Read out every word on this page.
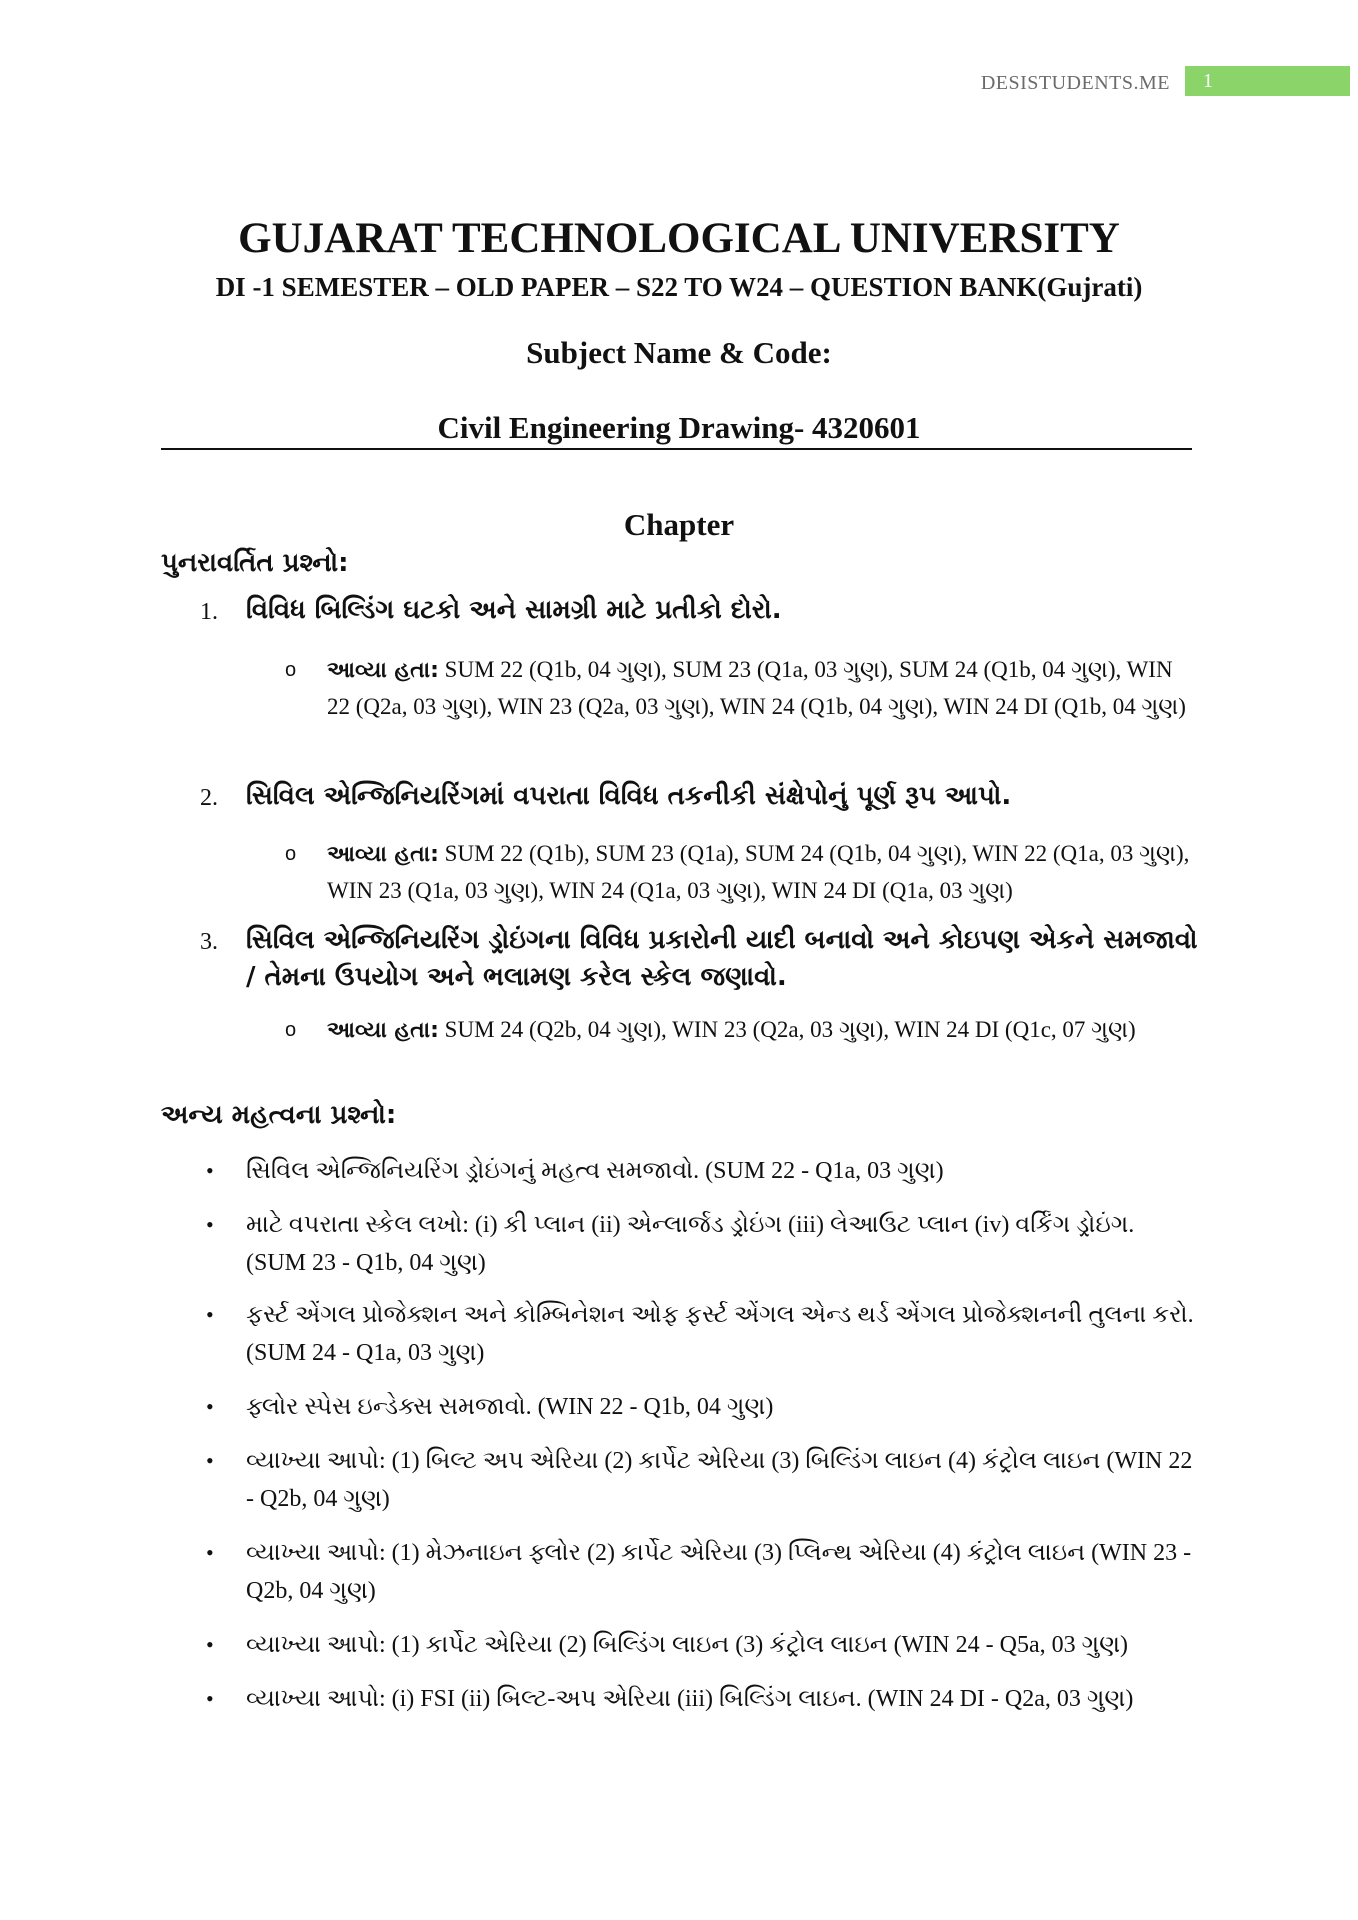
DESISTUDENTS.ME	1
GUJARAT TECHNOLOGICAL UNIVERSITY
DI -1 SEMESTER – OLD PAPER – S22 TO W24 – QUESTION BANK(Gujrati)
Subject Name & Code:
Civil Engineering Drawing- 4320601
Chapter
પુનરાવર્તિત પ્રશ્નો:
1. વિવિધ બિલ્ડિંગ ઘટકો અને સામગ્રી માટે પ્રતીકો દોરો.
o આવ્યા હતા: SUM 22 (Q1b, 04 ગુણ), SUM 23 (Q1a, 03 ગુણ), SUM 24 (Q1b, 04 ગુણ), WIN 22 (Q2a, 03 ગુણ), WIN 23 (Q2a, 03 ગુણ), WIN 24 (Q1b, 04 ગુણ), WIN 24 DI (Q1b, 04 ગુણ)
2. સિવિલ એન્જિનિયરિંગમાં વપરાતા વિવિધ તકનીકી સંક્ષેપોનું પૂર્ણ રૂપ આપો.
o આવ્યા હતા: SUM 22 (Q1b), SUM 23 (Q1a), SUM 24 (Q1b, 04 ગુણ), WIN 22 (Q1a, 03 ગુણ), WIN 23 (Q1a, 03 ગુણ), WIN 24 (Q1a, 03 ગુણ), WIN 24 DI (Q1a, 03 ગુણ)
3. સિવિલ એન્જિનિયરિંગ ડ્રોઇંગના વિવિધ પ્રકારોની યાદી બનાવો અને કોઇપણ એકને સમજાવો / તેમના ઉપયોગ અને ભલામણ કરેલ સ્કેલ જણાવો.
o આવ્યા હતા: SUM 24 (Q2b, 04 ગુણ), WIN 23 (Q2a, 03 ગુણ), WIN 24 DI (Q1c, 07 ગુણ)
અન્ય મહત્વના પ્રશ્નો:
• સિવિલ એન્જિનિયરિંગ ડ્રોઇંગનું મહત્વ સમજાવો. (SUM 22 - Q1a, 03 ગુણ)
• માટે વપરાતા સ્કેલ લખો: (i) કી પ્લાન (ii) એન્લાર્જડ ડ્રોઇંગ (iii) લેઆઉટ પ્લાન (iv) વર્કિંગ ડ્રોઇંગ. (SUM 23 - Q1b, 04 ગુણ)
• ફર્સ્ટ એંગલ પ્રોજેક્શન અને કોમ્બિનેશન ઓફ ફર્સ્ટ એંગલ એન્ડ થર્ડ એંગલ પ્રોજેક્શનની તુલના કરો. (SUM 24 - Q1a, 03 ગુણ)
• ફ્લોર સ્પેસ ઇન્ડેક્સ સમજાવો. (WIN 22 - Q1b, 04 ગુણ)
• વ્યાખ્યા આપો: (1) બિલ્ટ અપ એરિયા (2) કાર્પેટ એરિયા (3) બિલ્ડિંગ લાઇન (4) કંટ્રોલ લાઇન (WIN 22 - Q2b, 04 ગુણ)
• વ્યાખ્યા આપો: (1) મેઝનાઇન ફ્લોર (2) કાર્પેટ એરિયા (3) પ્લિન્થ એરિયા (4) કંટ્રોલ લાઇન (WIN 23 - Q2b, 04 ગુણ)
• વ્યાખ્યા આપો: (1) કાર્પેટ એરિયા (2) બિલ્ડિંગ લાઇન (3) કંટ્રોલ લાઇન (WIN 24 - Q5a, 03 ગુણ)
• વ્યાખ્યા આપો: (i) FSI (ii) બિલ્ટ-અપ એરિયા (iii) બિલ્ડિંગ લાઇન. (WIN 24 DI - Q2a, 03 ગુણ)
